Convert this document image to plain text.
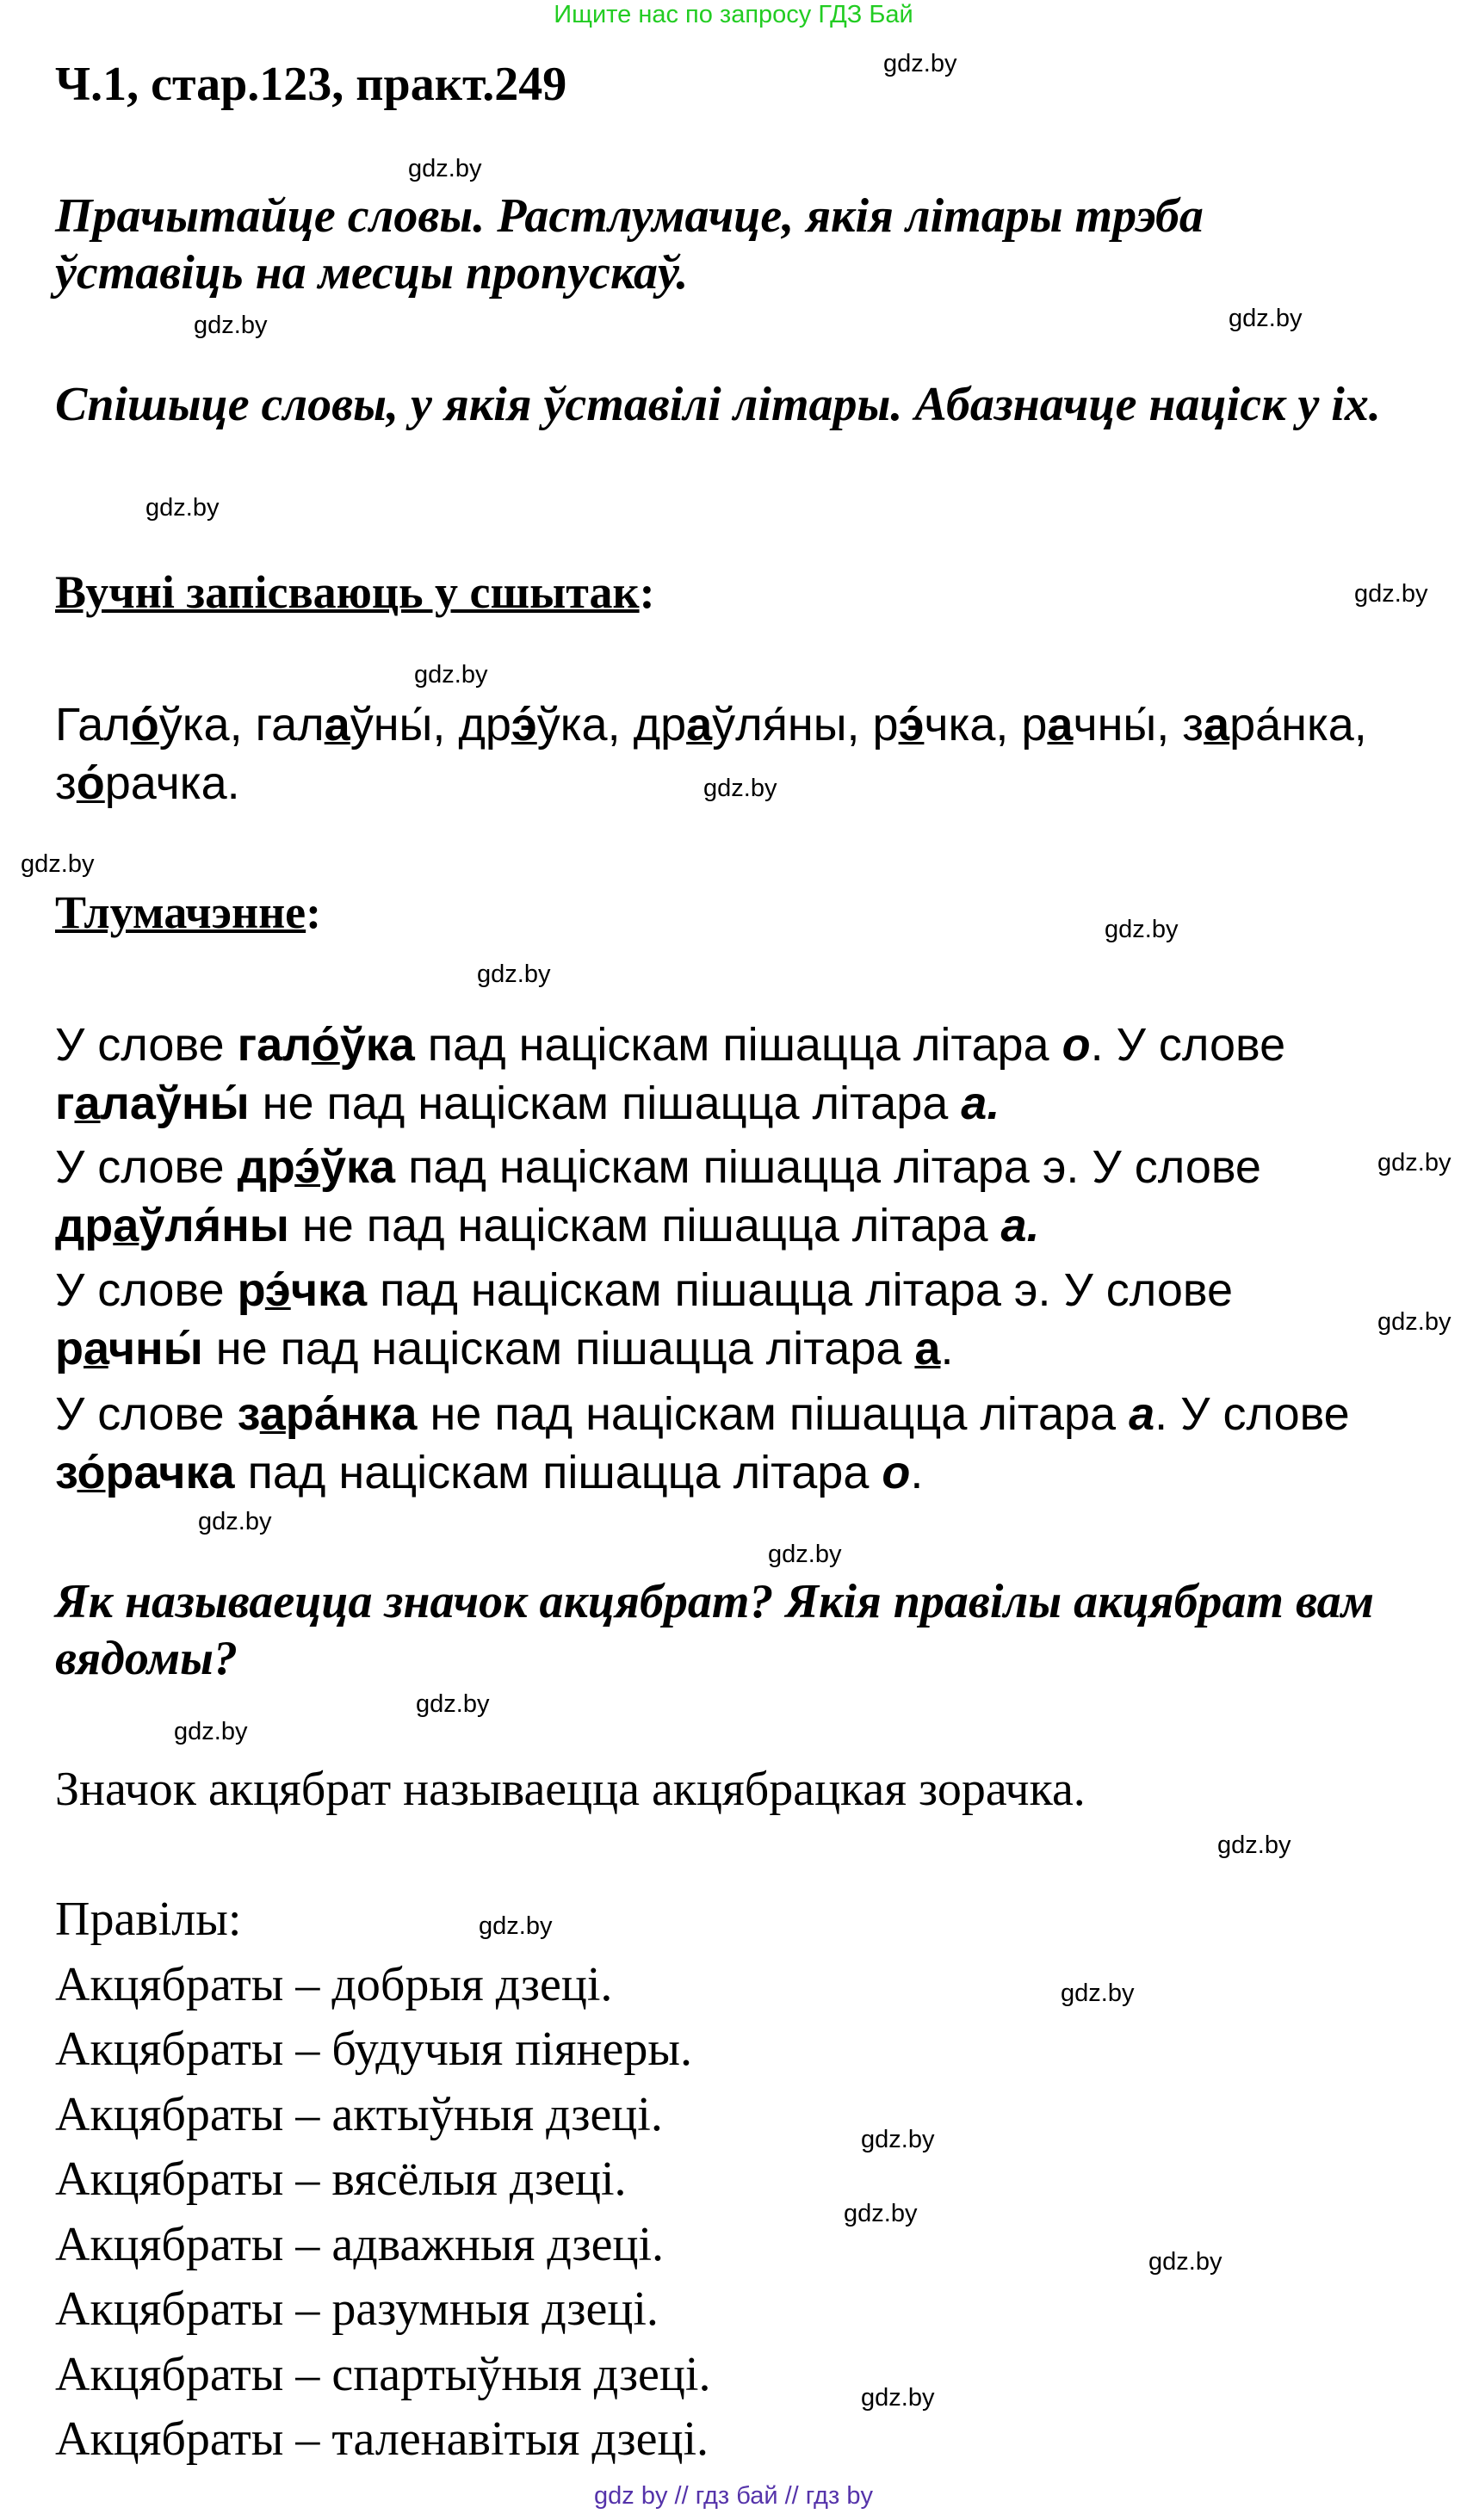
Ищите нас по запросу ГДЗ Бай
Ч.1, стар.123, практ.249
Прачытайце словы. Растлумачце, якія літары трэба ўставіць на месцы пропускаў.
Спішыце словы, у якія ўставілі літары. Абазначце націск у іх.
Вучні запісваюць у сшытак:
Гало́ўка, галаўны́, дрэ́ўка, драўля́ны, рэ́чка, рачны́, зара́нка,
зо́рачка.
Тлумачэнне:
У слове гало́ўка пад націскам пішацца літара о. У слове галаўны́ не пад націскам пішацца літара а.
У слове дрэ́ўка пад націскам пішацца літара э. У слове драўля́ны не пад націскам пішацца літара а.
У слове рэ́чка пад націскам пішацца літара э. У слове рачны́ не пад націскам пішацца літара а.
У слове зара́нка не пад націскам пішацца літара а. У слове зо́рачка пад націскам пішацца літара о.
Як называецца значок акцябрат? Якія правілы акцябрат вам вядомы?
Значок акцябрат называецца акцябрацкая зорачка.
Правілы:
Акцябраты – добрыя дзеці.
Акцябраты – будучыя піянеры.
Акцябраты – актыўныя дзеці.
Акцябраты – вясёлыя дзеці.
Акцябраты – адважныя дзеці.
Акцябраты – разумныя дзеці.
Акцябраты – спартыўныя дзеці.
Акцябраты – таленавітыя дзеці.
gdz.by
gdz.by
gdz.by
gdz.by
gdz.by
gdz.by
gdz.by
gdz.by
gdz.by
gdz.by
gdz.by
gdz.by
gdz.by
gdz.by
gdz.by
gdz.by
gdz.by
gdz.by
gdz.by
gdz.by
gdz.by
gdz.by
gdz.by
gdz.by
gdz by // гдз бай // гдз by
